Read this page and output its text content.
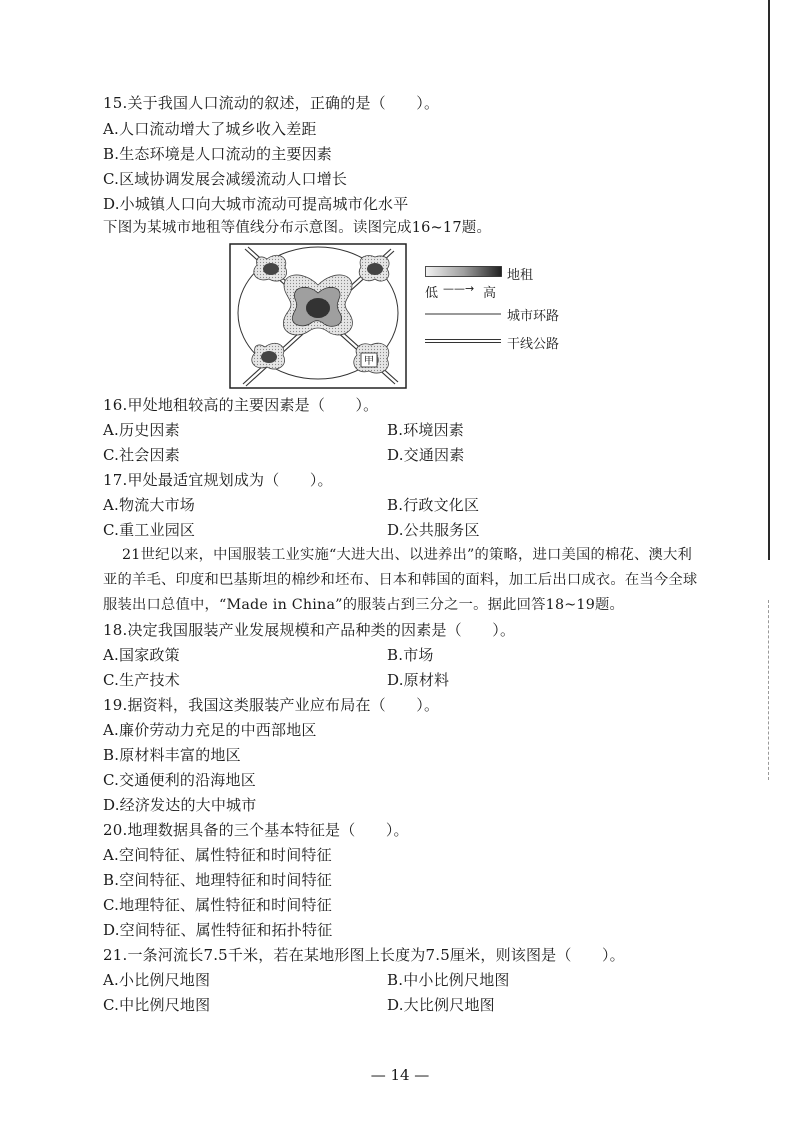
15.关于我国人口流动的叙述，正确的是（　　）。
A.人口流动增大了城乡收入差距
B.生态环境是人口流动的主要因素
C.区域协调发展会减缓流动人口增长
D.小城镇人口向大城市流动可提高城市化水平
下图为某城市地租等值线分布示意图。读图完成16~17题。
甲
地租
低 ——→ 高
城市环路
干线公路
16.甲处地租较高的主要因素是（　　）。
A.历史因素	B.环境因素
C.社会因素	D.交通因素
17.甲处最适宜规划成为（　　）。
A.物流大市场	B.行政文化区
C.重工业园区	D.公共服务区
21世纪以来，中国服装工业实施“大进大出、以进养出”的策略，进口美国的棉花、澳大利
亚的羊毛、印度和巴基斯坦的棉纱和坯布、日本和韩国的面料，加工后出口成衣。在当今全球
服装出口总值中，“Made in China”的服装占到三分之一。据此回答18~19题。
18.决定我国服装产业发展规模和产品种类的因素是（　　）。
A.国家政策	B.市场
C.生产技术	D.原材料
19.据资料，我国这类服装产业应布局在（　　）。
A.廉价劳动力充足的中西部地区
B.原材料丰富的地区
C.交通便利的沿海地区
D.经济发达的大中城市
20.地理数据具备的三个基本特征是（　　）。
A.空间特征、属性特征和时间特征
B.空间特征、地理特征和时间特征
C.地理特征、属性特征和时间特征
D.空间特征、属性特征和拓扑特征
21.一条河流长7.5千米，若在某地形图上长度为7.5厘米，则该图是（　　）。
A.小比例尺地图	B.中小比例尺地图
C.中比例尺地图	D.大比例尺地图
— 14 —
